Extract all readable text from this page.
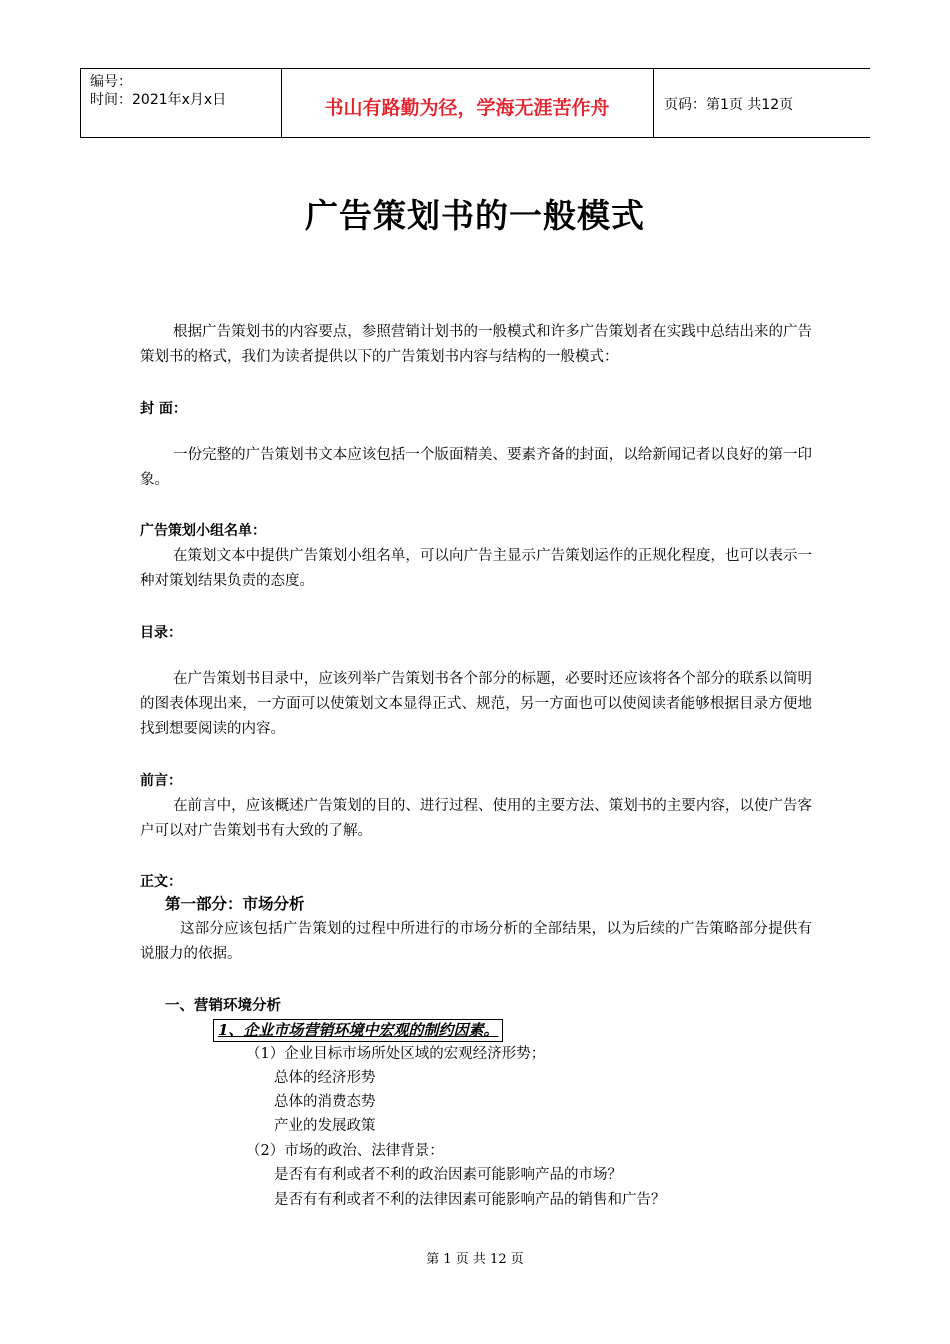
编号：
时间：2021年x月x日	书山有路勤为径，学海无涯苦作舟	页码：第1页 共12页
广告策划书的一般模式
根据广告策划书的内容要点，参照营销计划书的一般模式和许多广告策划者在实践中总结出来的广告策划书的格式，我们为读者提供以下的广告策划书内容与结构的一般模式：
封 面：
一份完整的广告策划书文本应该包括一个版面精美、要素齐备的封面，以给新闻记者以良好的第一印象。
广告策划小组名单：
在策划文本中提供广告策划小组名单，可以向广告主显示广告策划运作的正规化程度，也可以表示一种对策划结果负责的态度。
目录：
在广告策划书目录中，应该列举广告策划书各个部分的标题，必要时还应该将各个部分的联系以简明的图表体现出来，一方面可以使策划文本显得正式、规范，另一方面也可以使阅读者能够根据目录方便地找到想要阅读的内容。
前言：
在前言中，应该概述广告策划的目的、进行过程、使用的主要方法、策划书的主要内容，以使广告客户可以对广告策划书有大致的了解。
正文：
第一部分：市场分析
这部分应该包括广告策划的过程中所进行的市场分析的全部结果，以为后续的广告策略部分提供有说服力的依据。
一、营销环境分析
1、企业市场营销环境中宏观的制约因素。
（1）企业目标市场所处区域的宏观经济形势；
总体的经济形势
总体的消费态势
产业的发展政策
（2）市场的政治、法律背景：
是否有有利或者不利的政治因素可能影响产品的市场？
是否有有利或者不利的法律因素可能影响产品的销售和广告？
第 1 页 共 12 页
